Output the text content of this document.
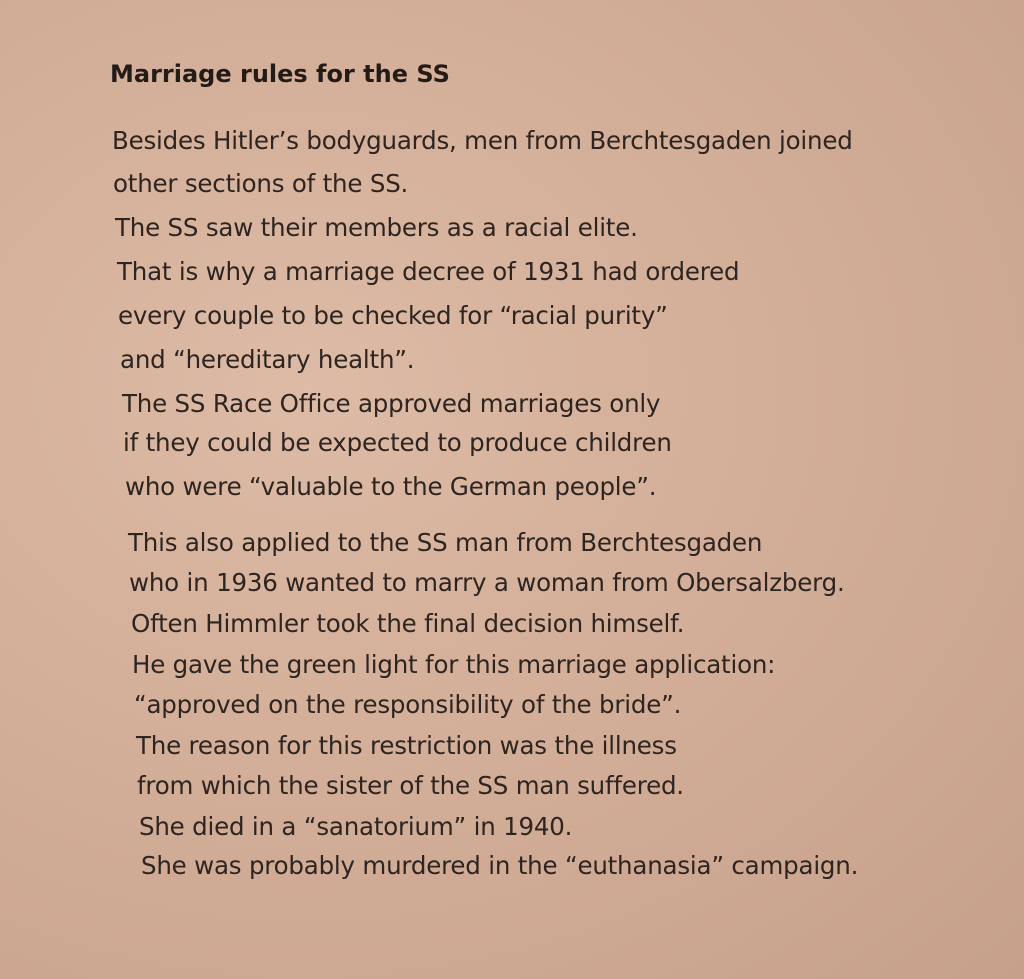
Marriage rules for the SS
Besides Hitler’s bodyguards, men from Berchtesgaden joined
other sections of the SS.
The SS saw their members as a racial elite.
That is why a marriage decree of 1931 had ordered
every couple to be checked for “racial purity”
and “hereditary health”.
The SS Race Office approved marriages only
if they could be expected to produce children
who were “valuable to the German people”.
This also applied to the SS man from Berchtesgaden
who in 1936 wanted to marry a woman from Obersalzberg.
Often Himmler took the final decision himself.
He gave the green light for this marriage application:
“approved on the responsibility of the bride”.
The reason for this restriction was the illness
from which the sister of the SS man suffered.
She died in a “sanatorium” in 1940.
She was probably murdered in the “euthanasia” campaign.
